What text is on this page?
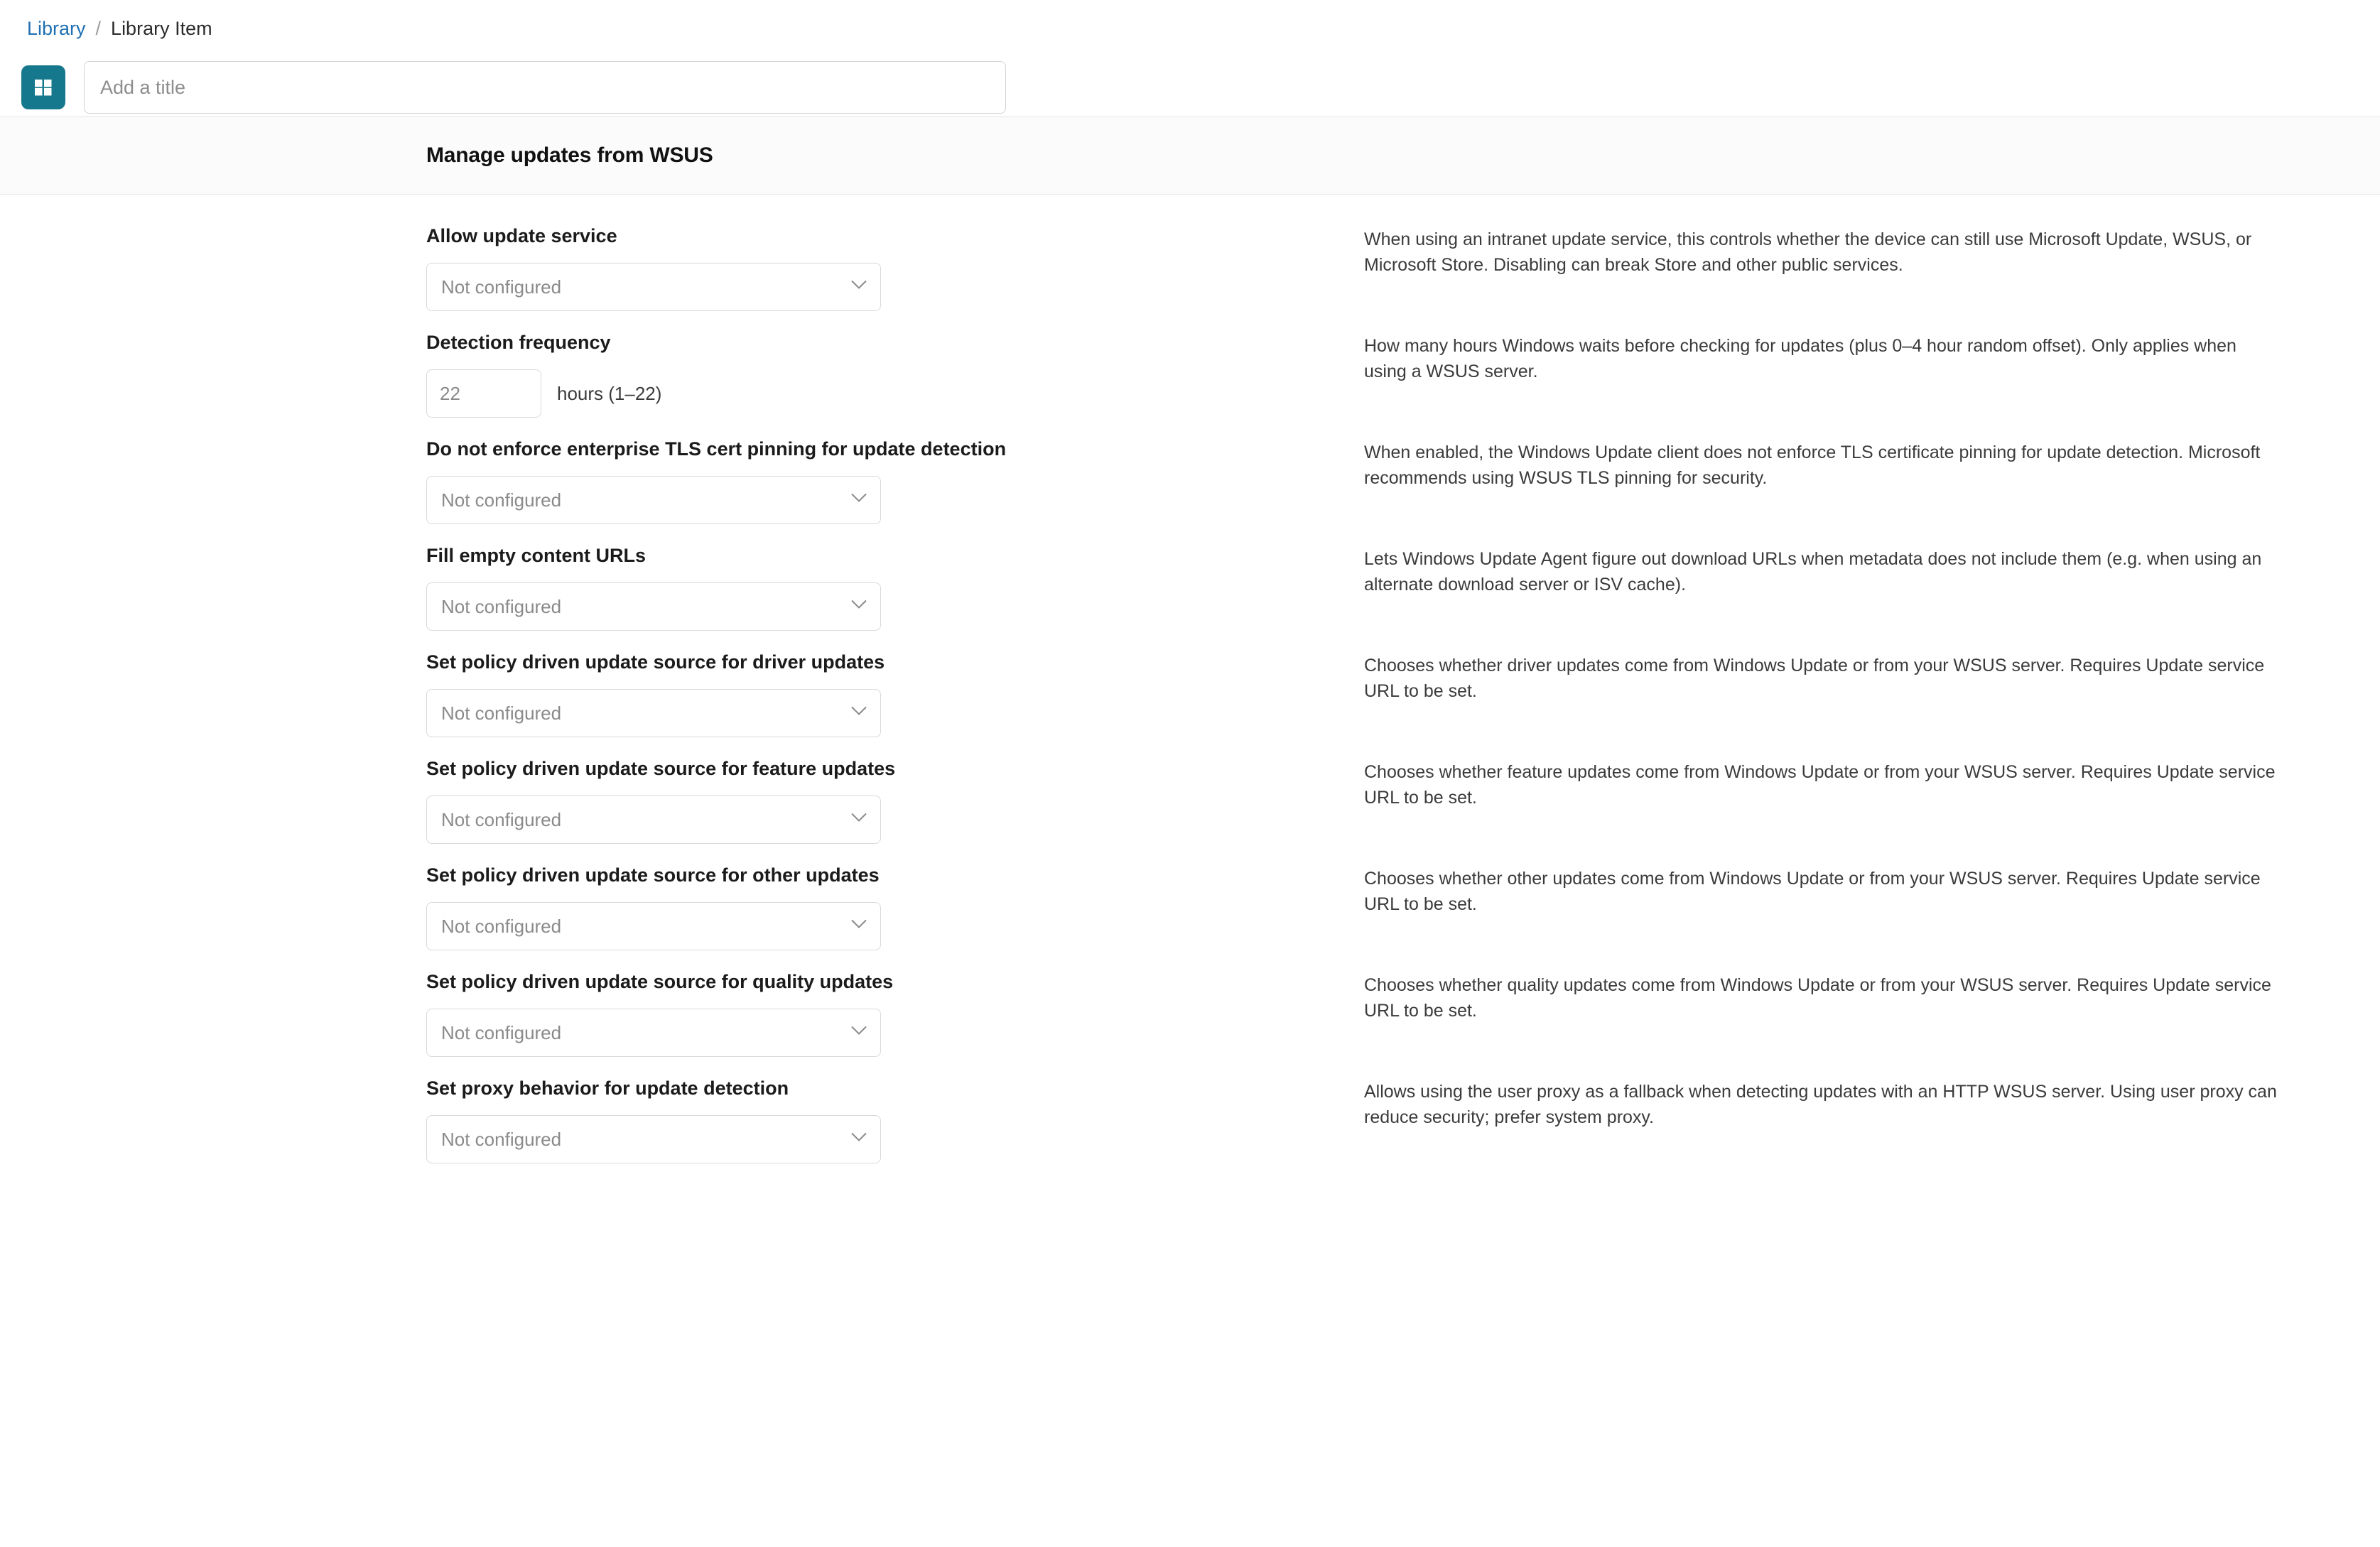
Library / Library Item
Add a title
Manage updates from WSUS
Allow update service
Not configured
When using an intranet update service, this controls whether the device can still use Microsoft Update, WSUS, or Microsoft Store. Disabling can break Store and other public services.
Detection frequency
22
hours (1–22)
How many hours Windows waits before checking for updates (plus 0–4 hour random offset). Only applies when using a WSUS server.
Do not enforce enterprise TLS cert pinning for update detection
Not configured
When enabled, the Windows Update client does not enforce TLS certificate pinning for update detection. Microsoft recommends using WSUS TLS pinning for security.
Fill empty content URLs
Not configured
Lets Windows Update Agent figure out download URLs when metadata does not include them (e.g. when using an alternate download server or ISV cache).
Set policy driven update source for driver updates
Not configured
Chooses whether driver updates come from Windows Update or from your WSUS server. Requires Update service URL to be set.
Set policy driven update source for feature updates
Not configured
Chooses whether feature updates come from Windows Update or from your WSUS server. Requires Update service URL to be set.
Set policy driven update source for other updates
Not configured
Chooses whether other updates come from Windows Update or from your WSUS server. Requires Update service URL to be set.
Set policy driven update source for quality updates
Not configured
Chooses whether quality updates come from Windows Update or from your WSUS server. Requires Update service URL to be set.
Set proxy behavior for update detection
Not configured
Allows using the user proxy as a fallback when detecting updates with an HTTP WSUS server. Using user proxy can reduce security; prefer system proxy.
